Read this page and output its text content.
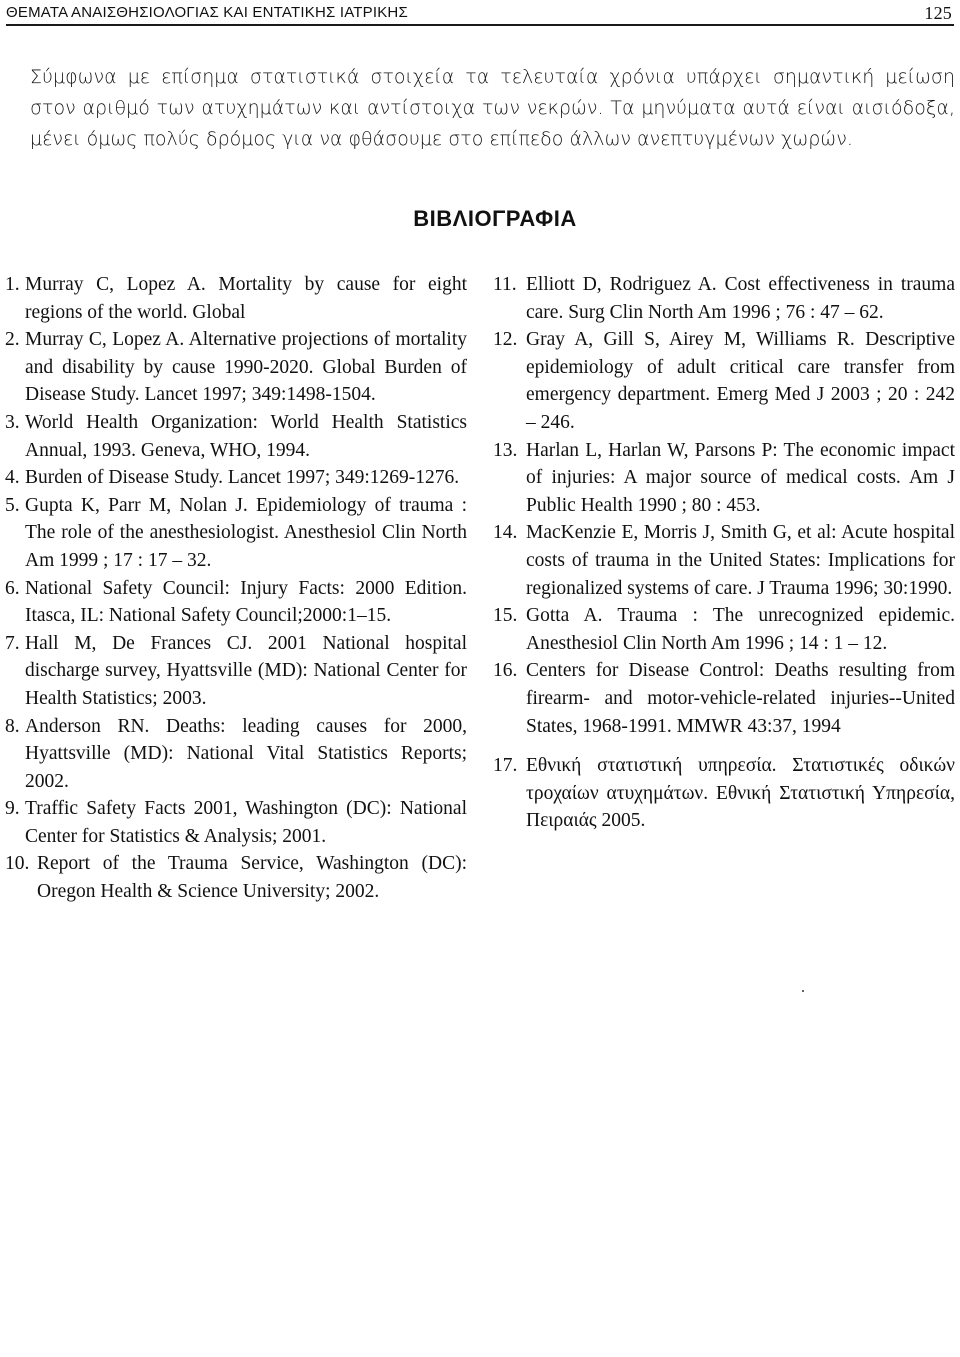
ΘΕΜΑΤΑ ΑΝΑΙΣΘΗΣΙΟΛΟΓΙΑΣ ΚΑΙ ΕΝΤΑΤΙΚΗΣ ΙΑΤΡΙΚΗΣ	125

Σύμφωνα με επίσημα στατιστικά στοιχεία τα τελευταία χρόνια υπάρχει σημαντική μείωση στον αριθμό των ατυχημάτων και αντίστοιχα των νεκρών. Τα μηνύματα αυτά είναι αισιόδοξα, μένει όμως πολύς δρόμος για να φθάσουμε στο επίπεδο άλλων ανεπτυγμένων χωρών.

ΒΙΒΛΙΟΓΡΑΦΙΑ

1. Murray C, Lopez A. Mortality by cause for eight regions of the world. Global

2. Murray C, Lopez A. Alternative projections of mortality and disability by cause 1990-2020. Global Burden of Disease Study. Lancet 1997; 349:1498-1504.

3. World Health Organization: World Health Statistics Annual, 1993. Geneva, WHO, 1994.

4. Burden of Disease Study. Lancet 1997; 349:1269-1276.

5. Gupta K, Parr M, Nolan J. Epidemiology of trauma : The role of the anesthesiologist. Anesthesiol Clin North Am 1999 ; 17 : 17 – 32.

6. National Safety Council: Injury Facts: 2000 Edition. Itasca, IL: National Safety Council;2000:1–15.

7. Hall M, De Frances CJ. 2001 National hospital discharge survey, Hyattsville (MD): National Center for Health Statistics; 2003.

8. Anderson RN. Deaths: leading causes for 2000, Hyattsville (MD): National Vital Statistics Reports; 2002.

9. Traffic Safety Facts 2001, Washington (DC): National Center for Statistics & Analysis; 2001.

10. Report of the Trauma Service, Washington (DC): Oregon Health & Science University; 2002.

11. Elliott D, Rodriguez A. Cost effectiveness in trauma care. Surg Clin North Am 1996 ; 76 : 47 – 62.

12. Gray A, Gill S, Airey M, Williams R. Descriptive epidemiology of adult critical care transfer from emergency department. Emerg Med J 2003 ; 20 : 242 – 246.

13. Harlan L, Harlan W, Parsons P: The economic impact of injuries: A major source of medical costs. Am J Public Health 1990 ; 80 : 453.

14. MacKenzie E, Morris J, Smith G, et al: Acute hospital costs of trauma in the United States: Implications for regionalized systems of care. J Trauma 1996; 30:1990.

15. Gotta A. Trauma : The unrecognized epidemic. Anesthesiol Clin North Am 1996 ; 14 : 1 – 12.

16. Centers for Disease Control: Deaths resulting from firearm- and motor-vehicle-related injuries--United States, 1968-1991. MMWR 43:37, 1994

17. Εθνική στατιστική υπηρεσία. Στατιστικές οδικών τροχαίων ατυχημάτων. Εθνική Στατιστική Υπηρεσία, Πειραιάς 2005.
